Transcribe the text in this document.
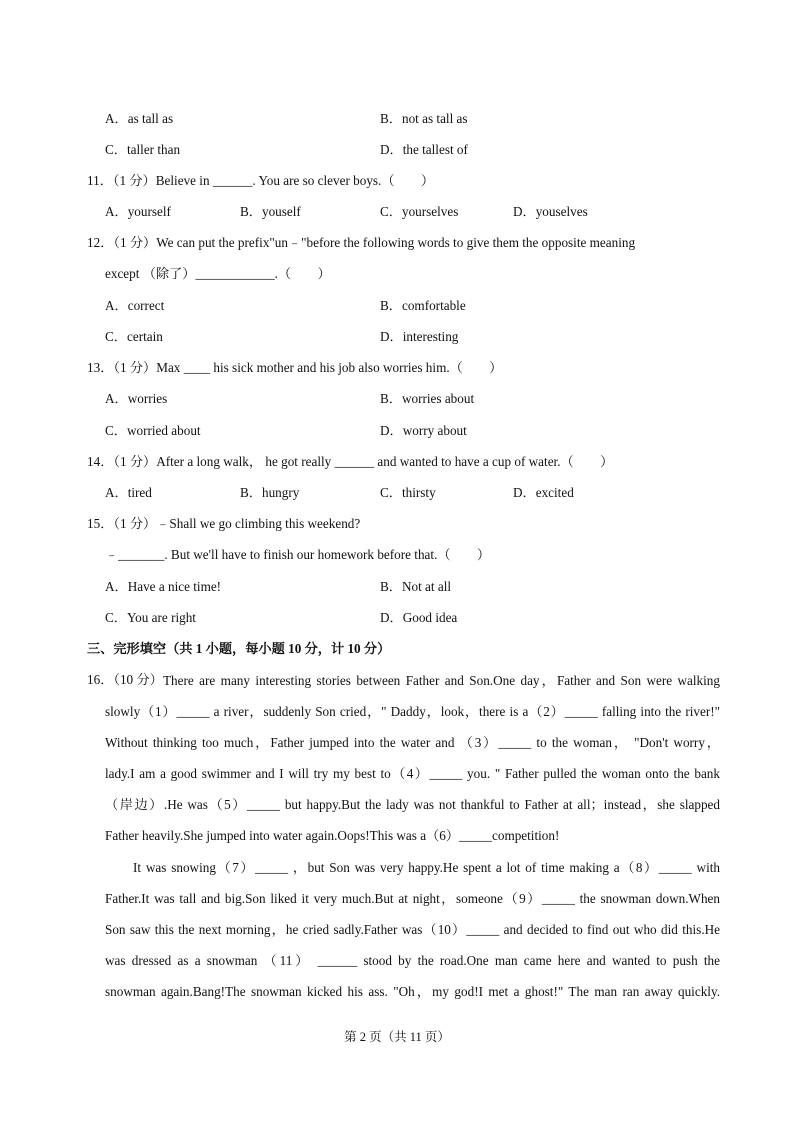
A．as tall as	B．not as tall as
C．taller than	D．the tallest of
11．（1 分）Believe in ______. You are so clever boys.（　　）
A．yourself	B．youself	C．yourselves	D．youselves
12．（1 分）We can put the prefix"un﹣"before the following words to give them the opposite meaning
except （除了）____________.（　　）
A．correct	B．comfortable
C．certain	D．interesting
13．（1 分）Max ____ his sick mother and his job also worries him.（　　）
A．worries	B．worries about
C．worried about	D．worry about
14．（1 分）After a long walk， he got really ______ and wanted to have a cup of water.（　　）
A．tired	B．hungry	C．thirsty	D．excited
15．（1 分）﹣Shall we go climbing this weekend?
﹣_______. But we'll have to finish our homework before that.（　　）
A．Have a nice time!	B．Not at all
C．You are right	D．Good idea
三、完形填空（共 1 小题，每小题 10 分，计 10 分）
16．（10 分） There are many interesting stories between Father and Son.One day，Father and Son were walking

slowly（1）_____ a river，suddenly Son cried，" Daddy，look，there is a（2）_____ falling into the river!"

Without thinking too much，Father jumped into the water and （3）_____ to the woman， "Don't worry，

lady.I am a good swimmer and I will try my best to（4）_____ you. " Father pulled the woman onto the bank

（岸边）.He was（5）_____ but happy.But the lady was not thankful to Father at all；instead，she slapped

Father heavily.She jumped into water again.Oops!This was a（6）_____competition!

It was snowing（7）_____ ，but Son was very happy.He spent a lot of time making a（8）_____ with

Father.It was tall and big.Son liked it very much.But at night，someone（9）_____ the snowman down.When

Son saw this the next morning，he cried sadly.Father was（10）_____ and decided to find out who did this.He

was dressed as a snowman （11） ______ stood by the road.One man came here and wanted to push the

snowman again.Bang!The snowman kicked his ass. "Oh，my god!I met a ghost!" The man ran away quickly.

第 2 页（共 11 页）
